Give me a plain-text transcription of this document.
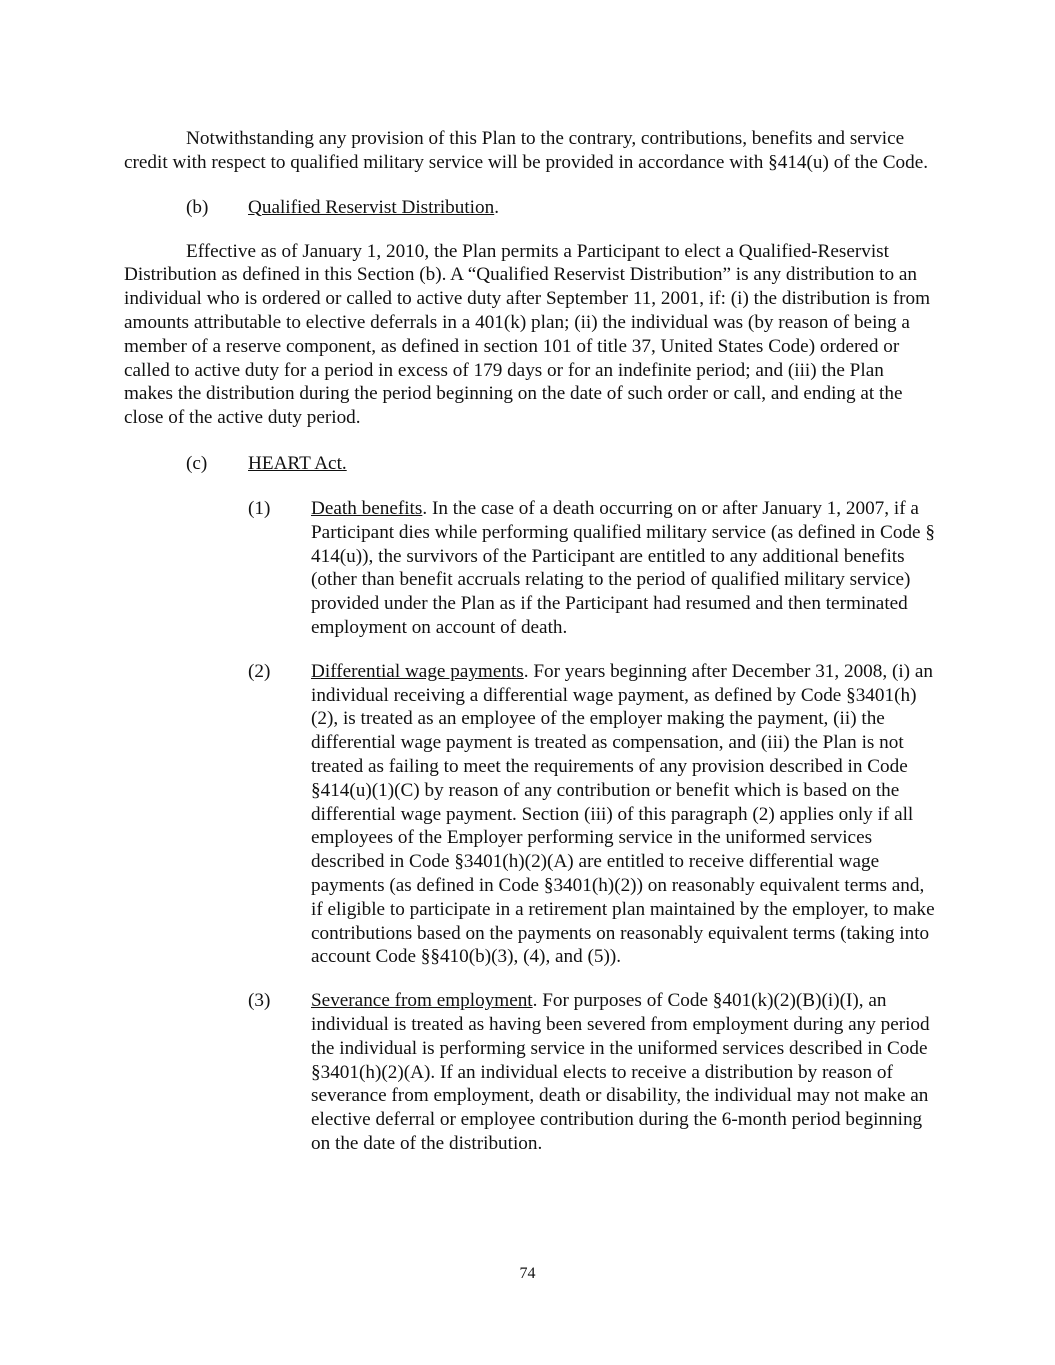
Notwithstanding any provision of this Plan to the contrary, contributions, benefits and service credit with respect to qualified military service will be provided in accordance with §414(u) of the Code.

(b) Qualified Reservist Distribution.

Effective as of January 1, 2010, the Plan permits a Participant to elect a Qualified-Reservist Distribution as defined in this Section (b). A “Qualified Reservist Distribution” is any distribution to an individual who is ordered or called to active duty after September 11, 2001, if: (i) the distribution is from amounts attributable to elective deferrals in a 401(k) plan; (ii) the individual was (by reason of being a member of a reserve component, as defined in section 101 of title 37, United States Code) ordered or called to active duty for a period in excess of 179 days or for an indefinite period; and (iii) the Plan makes the distribution during the period beginning on the date of such order or call, and ending at the close of the active duty period.

(c) HEART Act.
(1) Death benefits. In the case of a death occurring on or after January 1, 2007, if a Participant dies while performing qualified military service (as defined in Code § 414(u)), the survivors of the Participant are entitled to any additional benefits (other than benefit accruals relating to the period of qualified military service) provided under the Plan as if the Participant had resumed and then terminated employment on account of death.

(2) Differential wage payments. For years beginning after December 31, 2008, (i) an individual receiving a differential wage payment, as defined by Code §3401(h)(2), is treated as an employee of the employer making the payment, (ii) the differential wage payment is treated as compensation, and (iii) the Plan is not treated as failing to meet the requirements of any provision described in Code §414(u)(1)(C) by reason of any contribution or benefit which is based on the differential wage payment. Section (iii) of this paragraph (2) applies only if all employees of the Employer performing service in the uniformed services described in Code §3401(h)(2)(A) are entitled to receive differential wage payments (as defined in Code §3401(h)(2)) on reasonably equivalent terms and, if eligible to participate in a retirement plan maintained by the employer, to make contributions based on the payments on reasonably equivalent terms (taking into account Code §§410(b)(3), (4), and (5)).

(3) Severance from employment. For purposes of Code §401(k)(2)(B)(i)(I), an individual is treated as having been severed from employment during any period the individual is performing service in the uniformed services described in Code §3401(h)(2)(A). If an individual elects to receive a distribution by reason of severance from employment, death or disability, the individual may not make an elective deferral or employee contribution during the 6-month period beginning on the date of the distribution.

74
